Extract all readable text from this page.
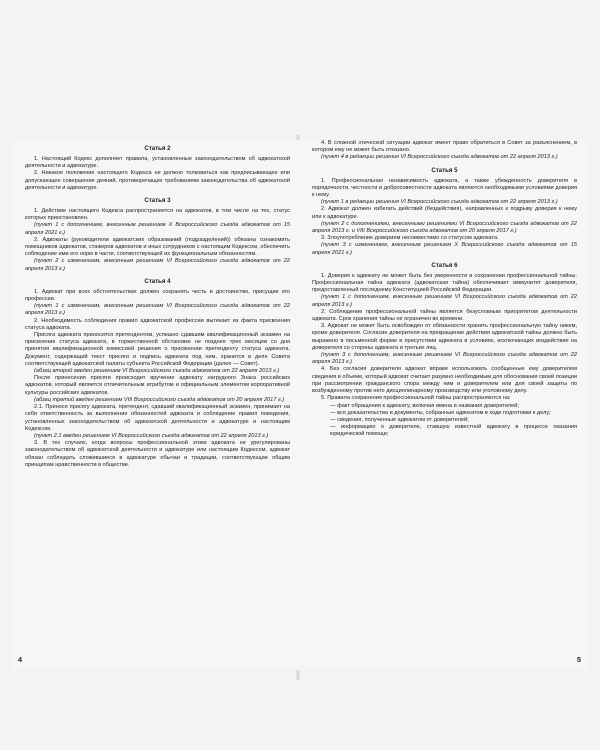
Статья 2

1. Настоящий Кодекс дополняет правила, установленные законодательством об адвокатской деятельности и адвокатуре.

2. Никакое положение настоящего Кодекса не должно толковаться как предписывающее или допускающее совершение деяний, противоречащих требованиям законодательства об адвокатской деятельности и адвокатуре.

Статья 3

1. Действие настоящего Кодекса распространяется на адвокатов, в том числе на тех, статус которых приостановлен.

(пункт 1 с дополнением, внесенным решением X Всероссийского съезда адвокатов от 15 апреля 2021 г.)

2. Адвокаты (руководители адвокатских образований (подразделений)) обязаны ознакомить помощников адвокатов, стажеров адвокатов и иных сотрудников с настоящим Кодексом, обеспечить соблюдение ими его норм в части, соответствующей их функциональным обязанностям.

(пункт 2 с изменением, внесенным решением VI Всероссийского съезда адвокатов от 22 апреля 2013 г.)

Статья 4

1. Адвокат при всех обстоятельствах должен сохранять честь и достоинство, присущие его профессии.

(пункт 1 с изменением, внесенным решением VI Всероссийского съезда адвокатов от 22 апреля 2013 г.)

2. Необходимость соблюдения правил адвокатской профессии вытекает из факта присвоения статуса адвоката.

Присяга адвоката приносится претендентом, успешно сдавшим квалификационный экзамен на присвоение статуса адвоката, в торжественной обстановке не позднее трех месяцев со дня принятия квалификационной комиссией решения о присвоении претенденту статуса адвоката. Документ, содержащий текст присяги и подпись адвоката под ним, хранится в деле Совета соответствующей адвокатской палаты субъекта Российской Федерации (далее — Совет).

(абзац второй введен решением VI Всероссийского съезда адвокатов от 22 апреля 2013 г.)

После принесения присяги происходит вручение адвокату нагрудного Знака российских адвокатов, который является отличительным атрибутом и официальным элементом корпоративной культуры российских адвокатов.

(абзац третий введен решением VIII Всероссийского съезда адвокатов от 20 апреля 2017 г.)

2.1. Принося присягу адвоката, претендент, сдавший квалификационный экзамен, принимает на себя ответственность за выполнение обязанностей адвоката и соблюдение правил поведения, установленных законодательством об адвокатской деятельности и адвокатуре и настоящим Кодексом.

(пункт 2.1 введен решением VI Всероссийского съезда адвокатов от 22 апреля 2013 г.)

3. В тех случаях, когда вопросы профессиональной этики адвоката не урегулированы законодательством об адвокатской деятельности и адвокатуре или настоящим Кодексом, адвокат обязан соблюдать сложившиеся в адвокатуре обычаи и традиции, соответствующие общим принципам нравственности в обществе.

4. В сложной этической ситуации адвокат имеет право обратиться в Совет за разъяснением, в котором ему не может быть отказано.

(пункт 4 в редакции решения VI Всероссийского съезда адвокатов от 22 апреля 2013 г.)

Статья 5

1. Профессиональная независимость адвоката, а также убежденность доверителя в порядочности, честности и добросовестности адвоката являются необходимыми условиями доверия к нему.

(пункт 1 в редакции решения VI Всероссийского съезда адвокатов от 22 апреля 2013 г.)

2. Адвокат должен избегать действий (бездействия), направленных к подрыву доверия к нему или к адвокатуре.

(пункт 2 с дополнениями, внесенными решениями VI Всероссийского съезда адвокатов от 22 апреля 2013 г. и VIII Всероссийского съезда адвокатов от 20 апреля 2017 г.)

3. Злоупотребление доверием несовместимо со статусом адвоката.

(пункт 3 с изменением, внесенным решением X Всероссийского съезда адвокатов от 15 апреля 2021 г.)

Статья 6

1. Доверия к адвокату не может быть без уверенности в сохранении профессиональной тайны. Профессиональная тайна адвоката (адвокатская тайна) обеспечивает иммунитет доверителя, предоставленный последнему Конституцией Российской Федерации.

(пункт 1 с дополнением, внесенным решением VI Всероссийского съезда адвокатов от 22 апреля 2013 г.)

2. Соблюдение профессиональной тайны является безусловным приоритетом деятельности адвоката. Срок хранения тайны не ограничен во времени.

3. Адвокат не может быть освобожден от обязанности хранить профессиональную тайну никем, кроме доверителя. Согласие доверителя на прекращение действия адвокатской тайны должно быть выражено в письменной форме в присутствии адвоката в условиях, исключающих воздействие на доверителя со стороны адвоката и третьих лиц.

(пункт 3 с дополнением, внесенным решением VI Всероссийского съезда адвокатов от 22 апреля 2013 г.)

4. Без согласия доверителя адвокат вправе использовать сообщенные ему доверителем сведения в объеме, который адвокат считает разумно необходимым для обоснования своей позиции при рассмотрении гражданского спора между ним и доверителем или для своей защиты по возбужденному против него дисциплинарному производству или уголовному делу.

5. Правила сохранения профессиональной тайны распространяются на:

— факт обращения к адвокату, включая имена и названия доверителей;

— все доказательства и документы, собранные адвокатом в ходе подготовки к делу;

— сведения, полученные адвокатом от доверителей;

— информацию о доверителе, ставшую известной адвокату в процессе оказания юридической помощи;

4	5
